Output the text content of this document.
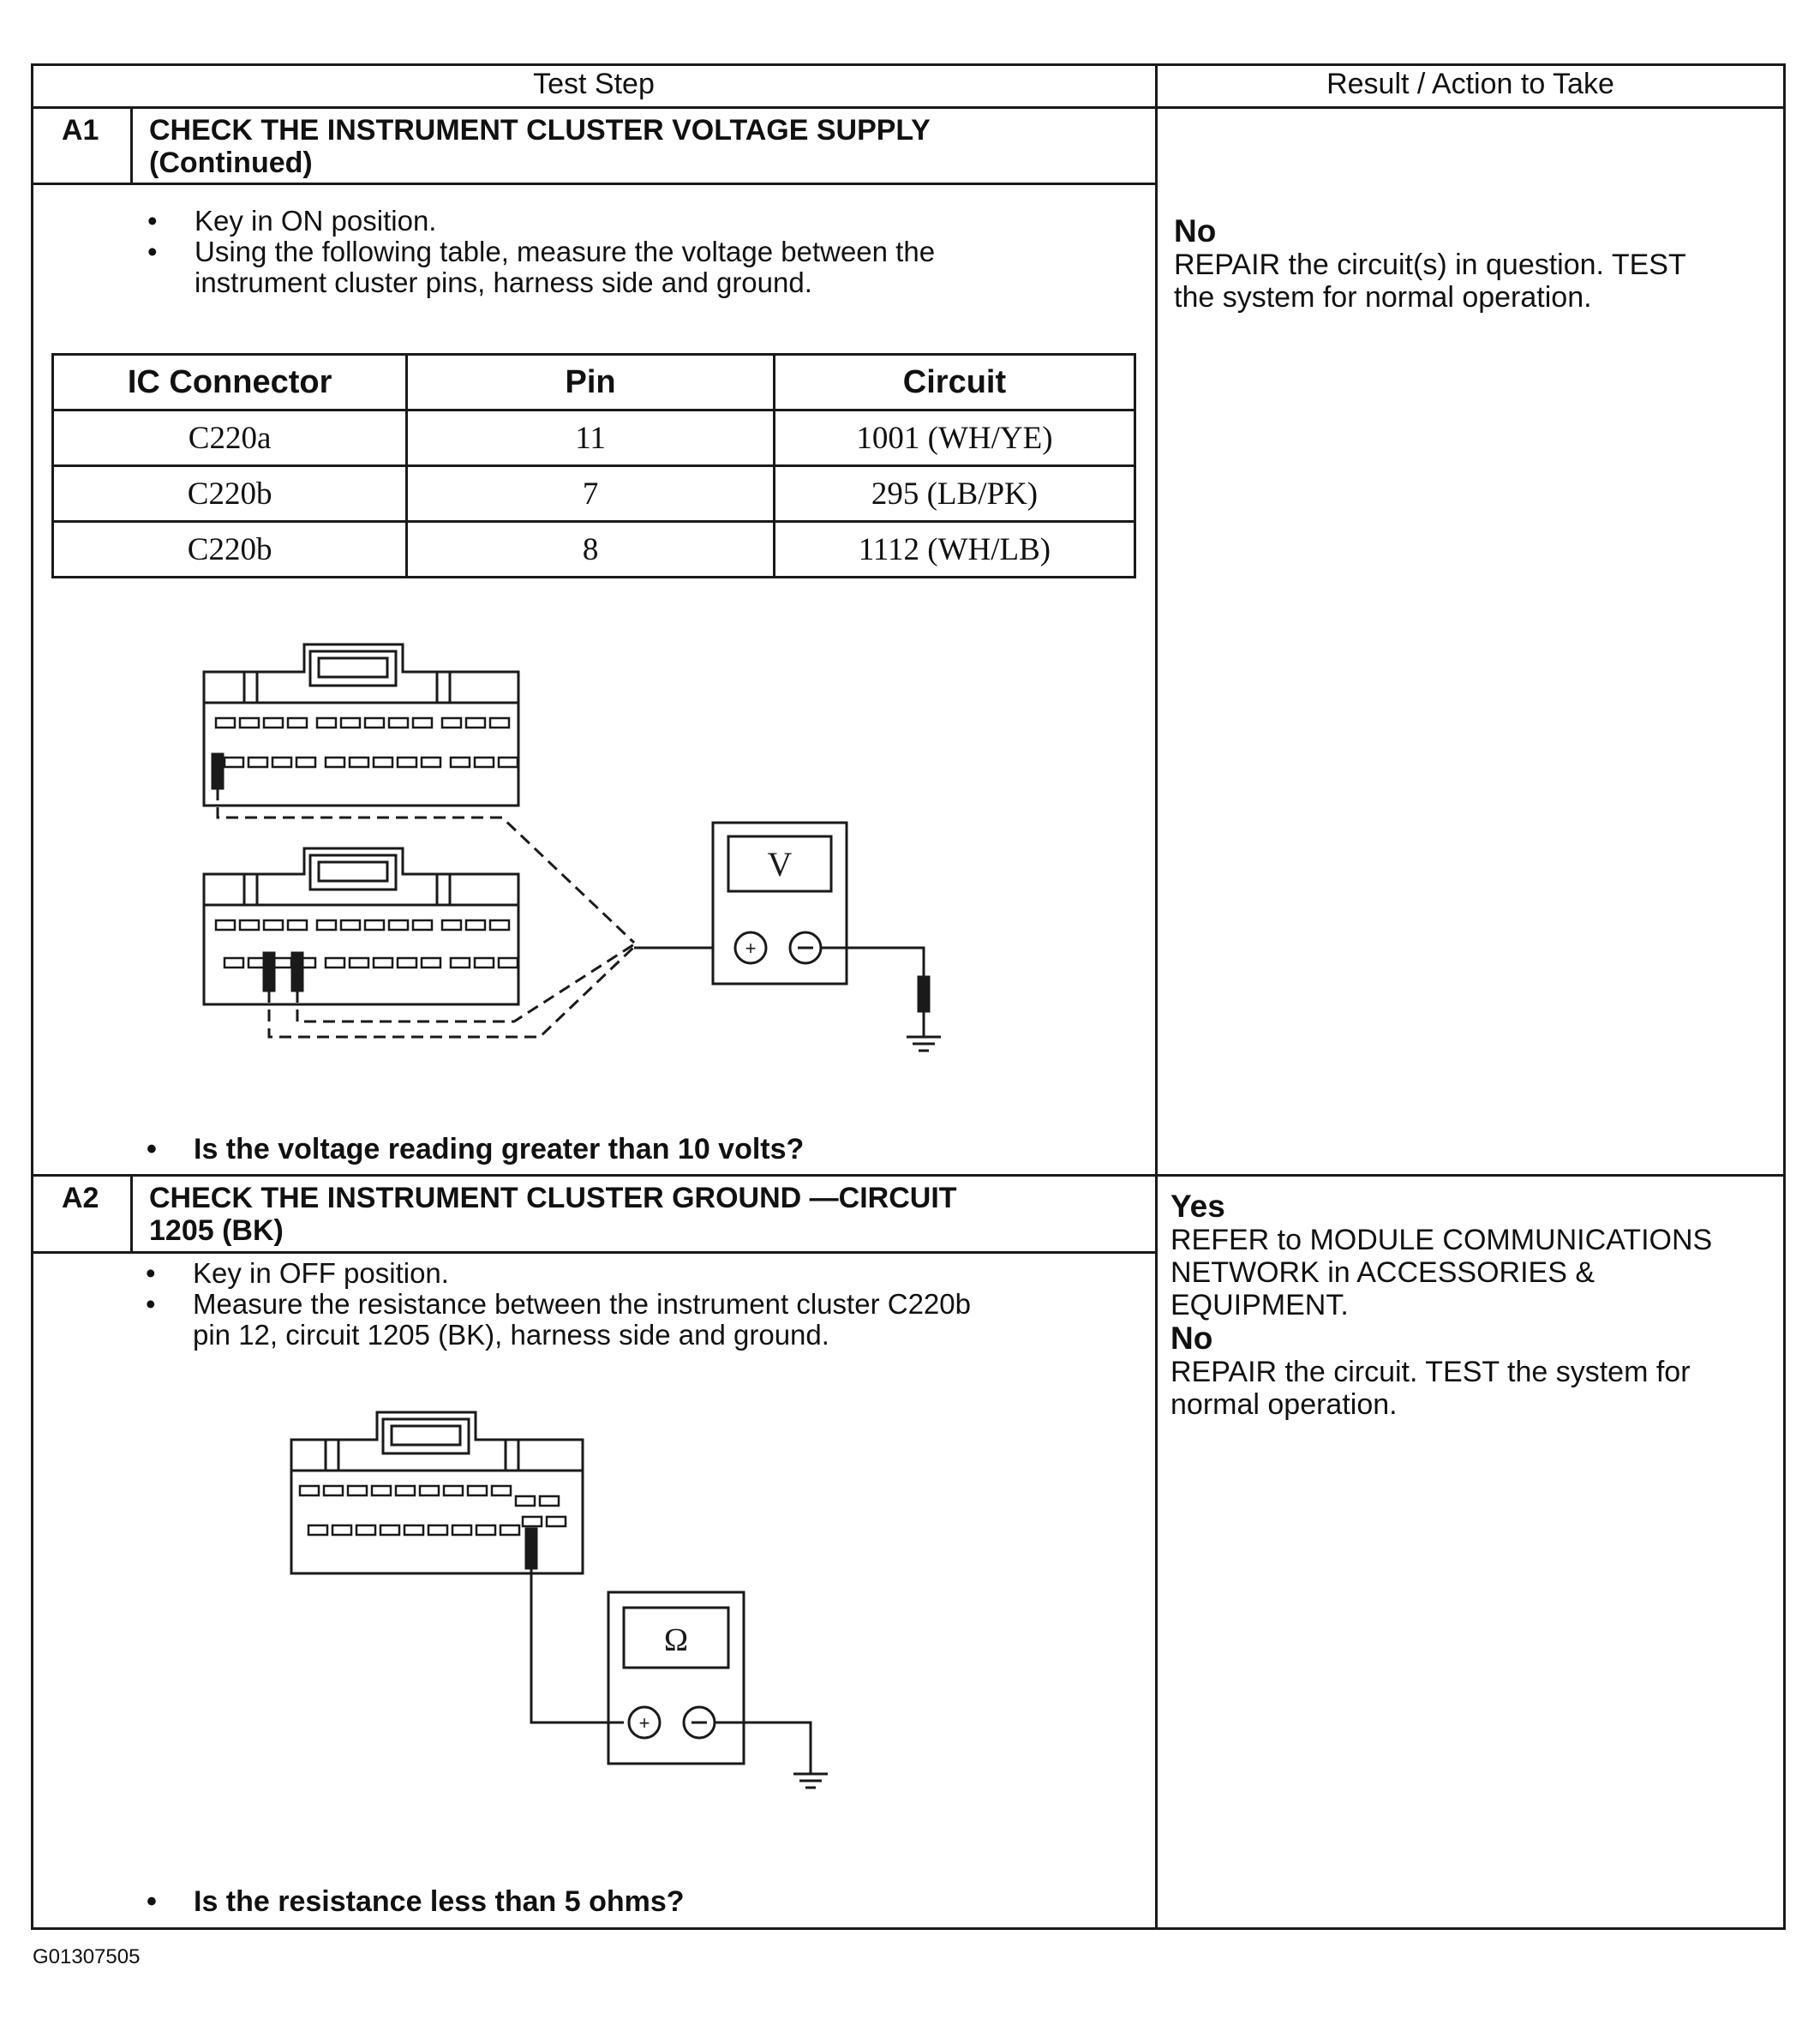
Test Step	Result / Action to Take
A1 CHECK THE INSTRUMENT CLUSTER VOLTAGE SUPPLY
(Continued)
• Key in ON position.
• Using the following table, measure the voltage between the
instrument cluster pins, harness side and ground.
IC Connector	Pin	Circuit
C220a	11	1001 (WH/YE)
C220b	7	295 (LB/PK)
C220b	8	1112 (WH/LB)
V
+
• Is the voltage reading greater than 10 volts?
No
REPAIR the circuit(s) in question. TEST
the system for normal operation.
A2 CHECK THE INSTRUMENT CLUSTER GROUND —CIRCUIT
1205 (BK)
• Key in OFF position.
• Measure the resistance between the instrument cluster C220b
pin 12, circuit 1205 (BK), harness side and ground.
Ω
+
• Is the resistance less than 5 ohms?
Yes
REFER to MODULE COMMUNICATIONS
NETWORK in ACCESSORIES &
EQUIPMENT.
No
REPAIR the circuit. TEST the system for
normal operation.
G01307505
